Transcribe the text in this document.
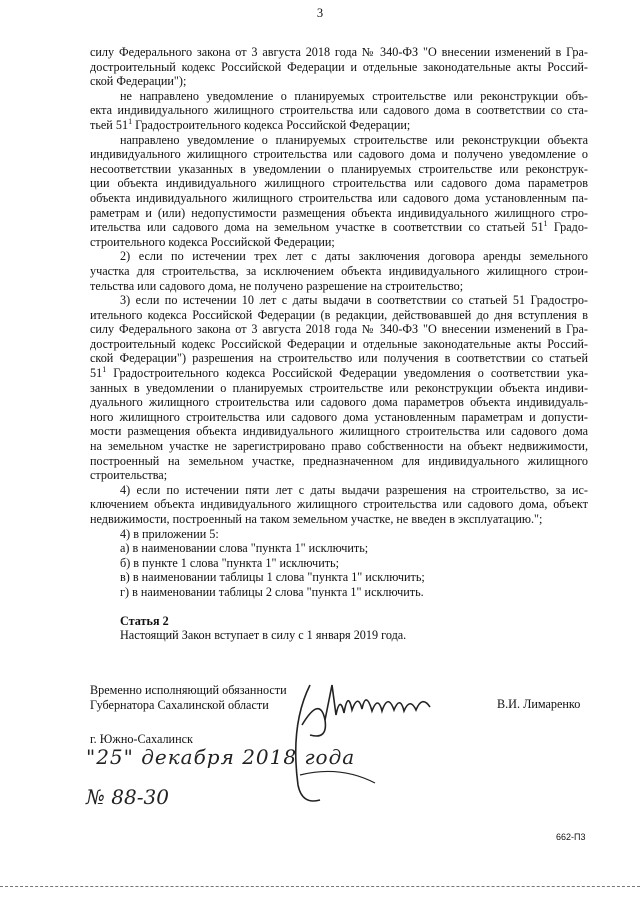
3
силу Федерального закона от 3 августа 2018 года № 340-ФЗ "О внесении изменений в Гра-
достроительный кодекс Российской Федерации и отдельные законодательные акты Россий-
ской Федерации");
не направлено уведомление о планируемых строительстве или реконструкции объ-
екта индивидуального жилищного строительства или садового дома в соответствии со ста-
тьей $51^1$ Градостроительного кодекса Российской Федерации;
направлено уведомление о планируемых строительстве или реконструкции объекта
индивидуального жилищного строительства или садового дома и получено уведомление о
несоответствии указанных в уведомлении о планируемых строительстве или реконструк-
ции объекта индивидуального жилищного строительства или садового дома параметров
объекта индивидуального жилищного строительства или садового дома установленным па-
раметрам и (или) недопустимости размещения объекта индивидуального жилищного стро-
ительства или садового дома на земельном участке в соответствии со статьей $51^1$ Градо-
строительного кодекса Российской Федерации;
2) если по истечении трех лет с даты заключения договора аренды земельного
участка для строительства, за исключением объекта индивидуального жилищного строи-
тельства или садового дома, не получено разрешение на строительство;
3) если по истечении 10 лет с даты выдачи в соответствии со статьей 51 Градостро-
ительного кодекса Российской Федерации (в редакции, действовавшей до дня вступления в
силу Федерального закона от 3 августа 2018 года № 340-ФЗ "О внесении изменений в Гра-
достроительный кодекс Российской Федерации и отдельные законодательные акты Россий-
ской Федерации") разрешения на строительство или получения в соответствии со статьей
$51^1$ Градостроительного кодекса Российской Федерации уведомления о соответствии ука-
занных в уведомлении о планируемых строительстве или реконструкции объекта индиви-
дуального жилищного строительства или садового дома параметров объекта индивидуаль-
ного жилищного строительства или садового дома установленным параметрам и допусти-
мости размещения объекта индивидуального жилищного строительства или садового дома
на земельном участке не зарегистрировано право собственности на объект недвижимости,
построенный на земельном участке, предназначенном для индивидуального жилищного
строительства;
4) если по истечении пяти лет с даты выдачи разрешения на строительство, за ис-
ключением объекта индивидуального жилищного строительства или садового дома, объект
недвижимости, построенный на таком земельном участке, не введен в эксплуатацию.";
4) в приложении 5:
а) в наименовании слова "пункта 1" исключить;
б) в пункте 1 слова "пункта 1" исключить;
в) в наименовании таблицы 1 слова "пункта 1" исключить;
г) в наименовании таблицы 2 слова "пункта 1" исключить.
Статья 2
Настоящий Закон вступает в силу с 1 января 2019 года.
Временно исполняющий обязанности
Губернатора Сахалинской области	В.И. Лимаренко
г. Южно-Сахалинск
"25" декабря 2018 года
№ 88-30
662-П3
